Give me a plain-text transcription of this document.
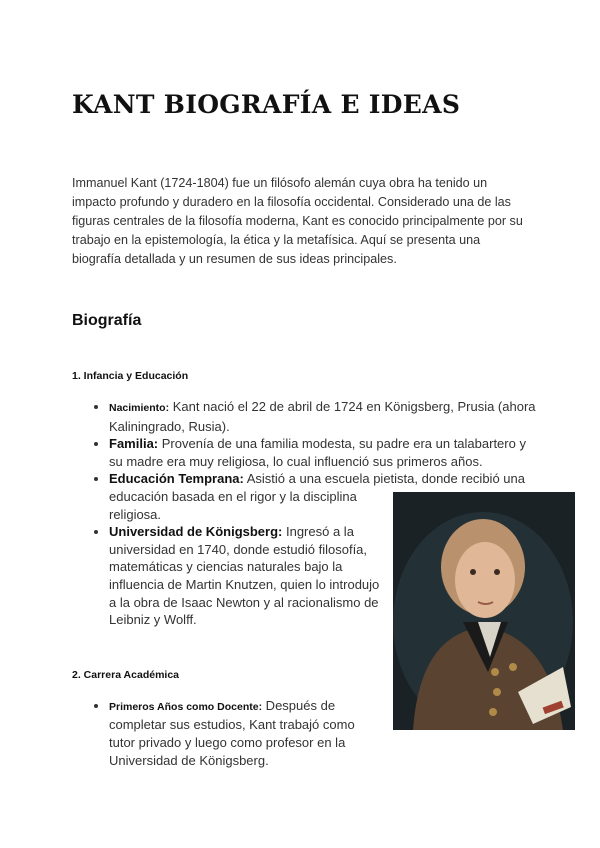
KANT BIOGRAFÍA E IDEAS

Immanuel Kant (1724-1804) fue un filósofo alemán cuya obra ha tenido un impacto profundo y duradero en la filosofía occidental. Considerado una de las figuras centrales de la filosofía moderna, Kant es conocido principalmente por su trabajo en la epistemología, la ética y la metafísica. Aquí se presenta una biografía detallada y un resumen de sus ideas principales.

Biografía
1. Infancia y Educación
• Nacimiento: Kant nació el 22 de abril de 1724 en Königsberg, Prusia (ahora Kaliningrado, Rusia).
• Familia: Provenía de una familia modesta, su padre era un talabartero y su madre era muy religiosa, lo cual influenció sus primeros años.
• Educación Temprana: Asistió a una escuela pietista, donde recibió una educación basada en el rigor y la disciplina religiosa.
• Universidad de Königsberg: Ingresó a la universidad en 1740, donde estudió filosofía, matemáticas y ciencias naturales bajo la influencia de Martin Knutzen, quien lo introdujo a la obra de Isaac Newton y al racionalismo de Leibniz y Wolff.
2. Carrera Académica
• Primeros Años como Docente: Después de completar sus estudios, Kant trabajó como tutor privado y luego como profesor en la Universidad de Königsberg.
